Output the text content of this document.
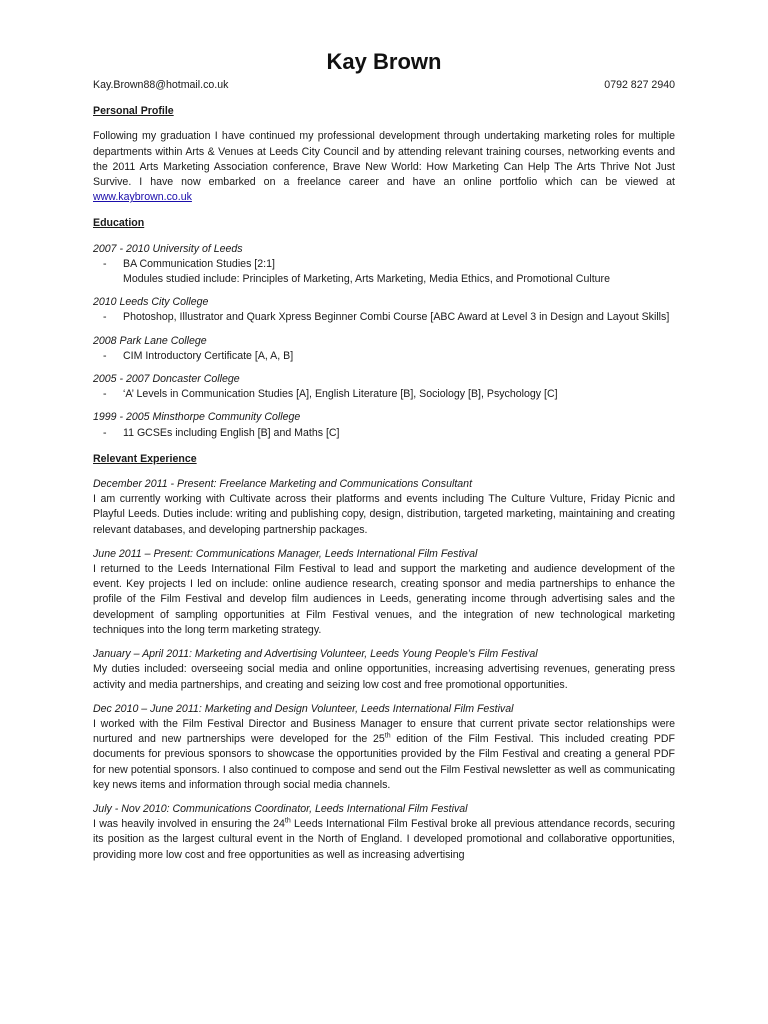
Kay Brown
Kay.Brown88@hotmail.co.uk	0792 827 2940
Personal Profile

Following my graduation I have continued my professional development through undertaking marketing roles for multiple departments within Arts & Venues at Leeds City Council and by attending relevant training courses, networking events and the 2011 Arts Marketing Association conference, Brave New World: How Marketing Can Help The Arts Thrive Not Just Survive. I have now embarked on a freelance career and have an online portfolio which can be viewed at www.kaybrown.co.uk

Education
2007 - 2010 University of Leeds
-	BA Communication Studies [2:1]
Modules studied include: Principles of Marketing, Arts Marketing, Media Ethics, and Promotional Culture
2010 Leeds City College
-	Photoshop, Illustrator and Quark Xpress Beginner Combi Course [ABC Award at Level 3 in Design and Layout Skills]
2008 Park Lane College
-	CIM Introductory Certificate [A, A, B]
2005 - 2007 Doncaster College
-	‘A’ Levels in Communication Studies [A], English Literature [B], Sociology [B], Psychology [C]
1999 - 2005 Minsthorpe Community College
-	11 GCSEs including English [B] and Maths [C]
Relevant Experience
December 2011 - Present: Freelance Marketing and Communications Consultant

I am currently working with Cultivate across their platforms and events including The Culture Vulture, Friday Picnic and Playful Leeds. Duties include: writing and publishing copy, design, distribution, targeted marketing, maintaining and creating relevant databases, and developing partnership packages.

June 2011 – Present: Communications Manager, Leeds International Film Festival

I returned to the Leeds International Film Festival to lead and support the marketing and audience development of the event. Key projects I led on include: online audience research, creating sponsor and media partnerships to enhance the profile of the Film Festival and develop film audiences in Leeds, generating income through advertising sales and the development of sampling opportunities at Film Festival venues, and the integration of new technological marketing techniques into the long term marketing strategy.

January – April 2011: Marketing and Advertising Volunteer, Leeds Young People’s Film Festival

My duties included: overseeing social media and online opportunities, increasing advertising revenues, generating press activity and media partnerships, and creating and seizing low cost and free promotional opportunities.

Dec 2010 – June 2011: Marketing and Design Volunteer, Leeds International Film Festival

I worked with the Film Festival Director and Business Manager to ensure that current private sector relationships were nurtured and new partnerships were developed for the 25th edition of the Film Festival. This included creating PDF documents for previous sponsors to showcase the opportunities provided by the Film Festival and creating a general PDF for new potential sponsors. I also continued to compose and send out the Film Festival newsletter as well as communicating key news items and information through social media channels.

July - Nov 2010: Communications Coordinator, Leeds International Film Festival

I was heavily involved in ensuring the 24th Leeds International Film Festival broke all previous attendance records, securing its position as the largest cultural event in the North of England. I developed promotional and collaborative opportunities, providing more low cost and free opportunities as well as increasing advertising
